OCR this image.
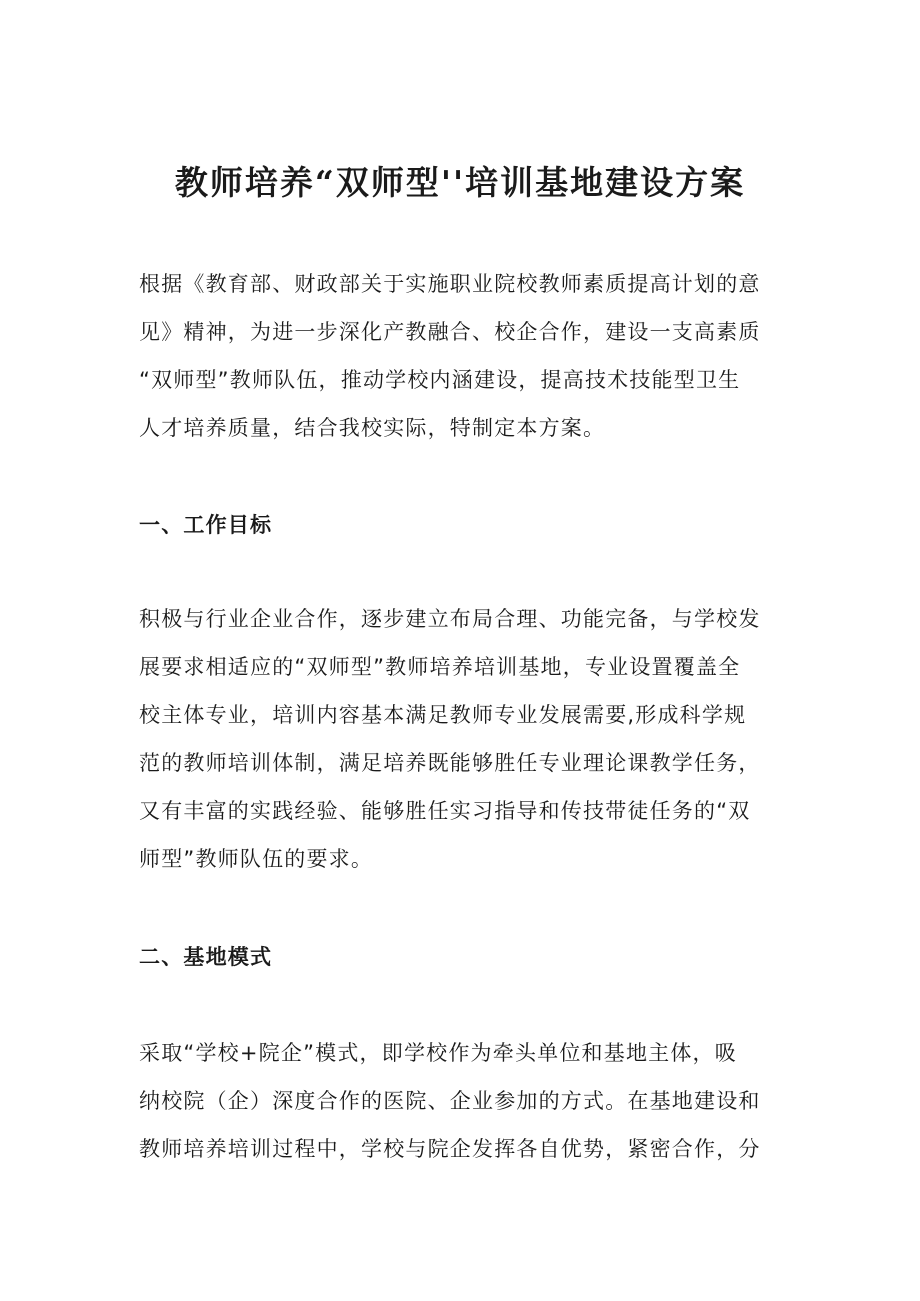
教师培养“双师型''培训基地建设方案

根据《教育部、财政部关于实施职业院校教师素质提高计划的意
见》精神，为进一步深化产教融合、校企合作，建设一支高素质
“双师型”教师队伍，推动学校内涵建设，提高技术技能型卫生
人才培养质量，结合我校实际，特制定本方案。

一、工作目标

积极与行业企业合作，逐步建立布局合理、功能完备，与学校发
展要求相适应的“双师型”教师培养培训基地，专业设置覆盖全
校主体专业，培训内容基本满足教师专业发展需要,形成科学规
范的教师培训体制，满足培养既能够胜任专业理论课教学任务，
又有丰富的实践经验、能够胜任实习指导和传技带徒任务的“双
师型”教师队伍的要求。

二、基地模式

采取“学校+院企”模式，即学校作为牵头单位和基地主体，吸
纳校院（企）深度合作的医院、企业参加的方式。在基地建设和
教师培养培训过程中，学校与院企发挥各自优势，紧密合作，分
